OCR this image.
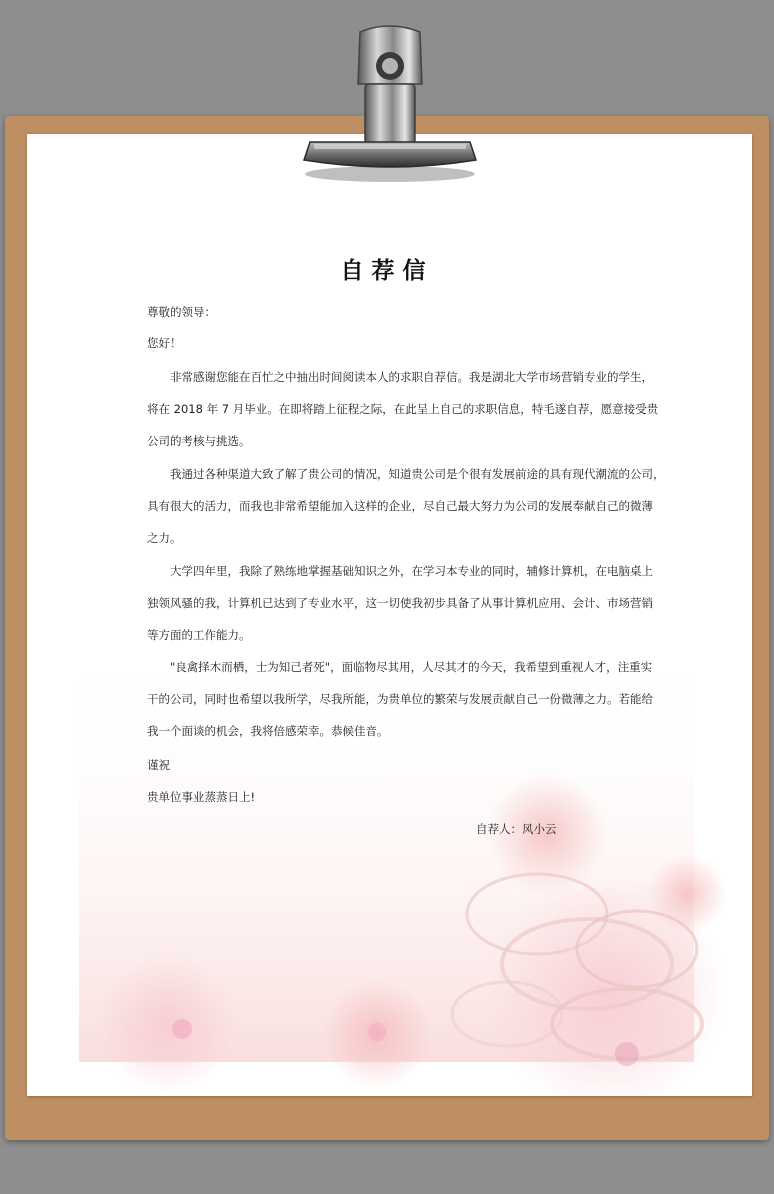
自荐信

尊敬的领导：

您好！

非常感谢您能在百忙之中抽出时间阅读本人的求职自荐信。我是湖北大学市场营销专业的学生，

将在 2018 年 7 月毕业。在即将踏上征程之际，在此呈上自己的求职信息，特毛遂自荐，愿意接受贵

公司的考核与挑选。

我通过各种渠道大致了解了贵公司的情况，知道贵公司是个很有发展前途的具有现代潮流的公司，

具有很大的活力，而我也非常希望能加入这样的企业，尽自己最大努力为公司的发展奉献自己的微薄

之力。

大学四年里，我除了熟练地掌握基础知识之外，在学习本专业的同时，辅修计算机，在电脑桌上

独领风骚的我，计算机已达到了专业水平，这一切使我初步具备了从事计算机应用、会计、市场营销

等方面的工作能力。

"良禽择木而栖，士为知己者死"，面临物尽其用，人尽其才的今天，我希望到重视人才，注重实

干的公司，同时也希望以我所学，尽我所能，为贵单位的繁荣与发展贡献自己一份微薄之力。若能给

我一个面谈的机会，我将倍感荣幸。恭候佳音。

谨祝

贵单位事业蒸蒸日上!

自荐人：风小云
